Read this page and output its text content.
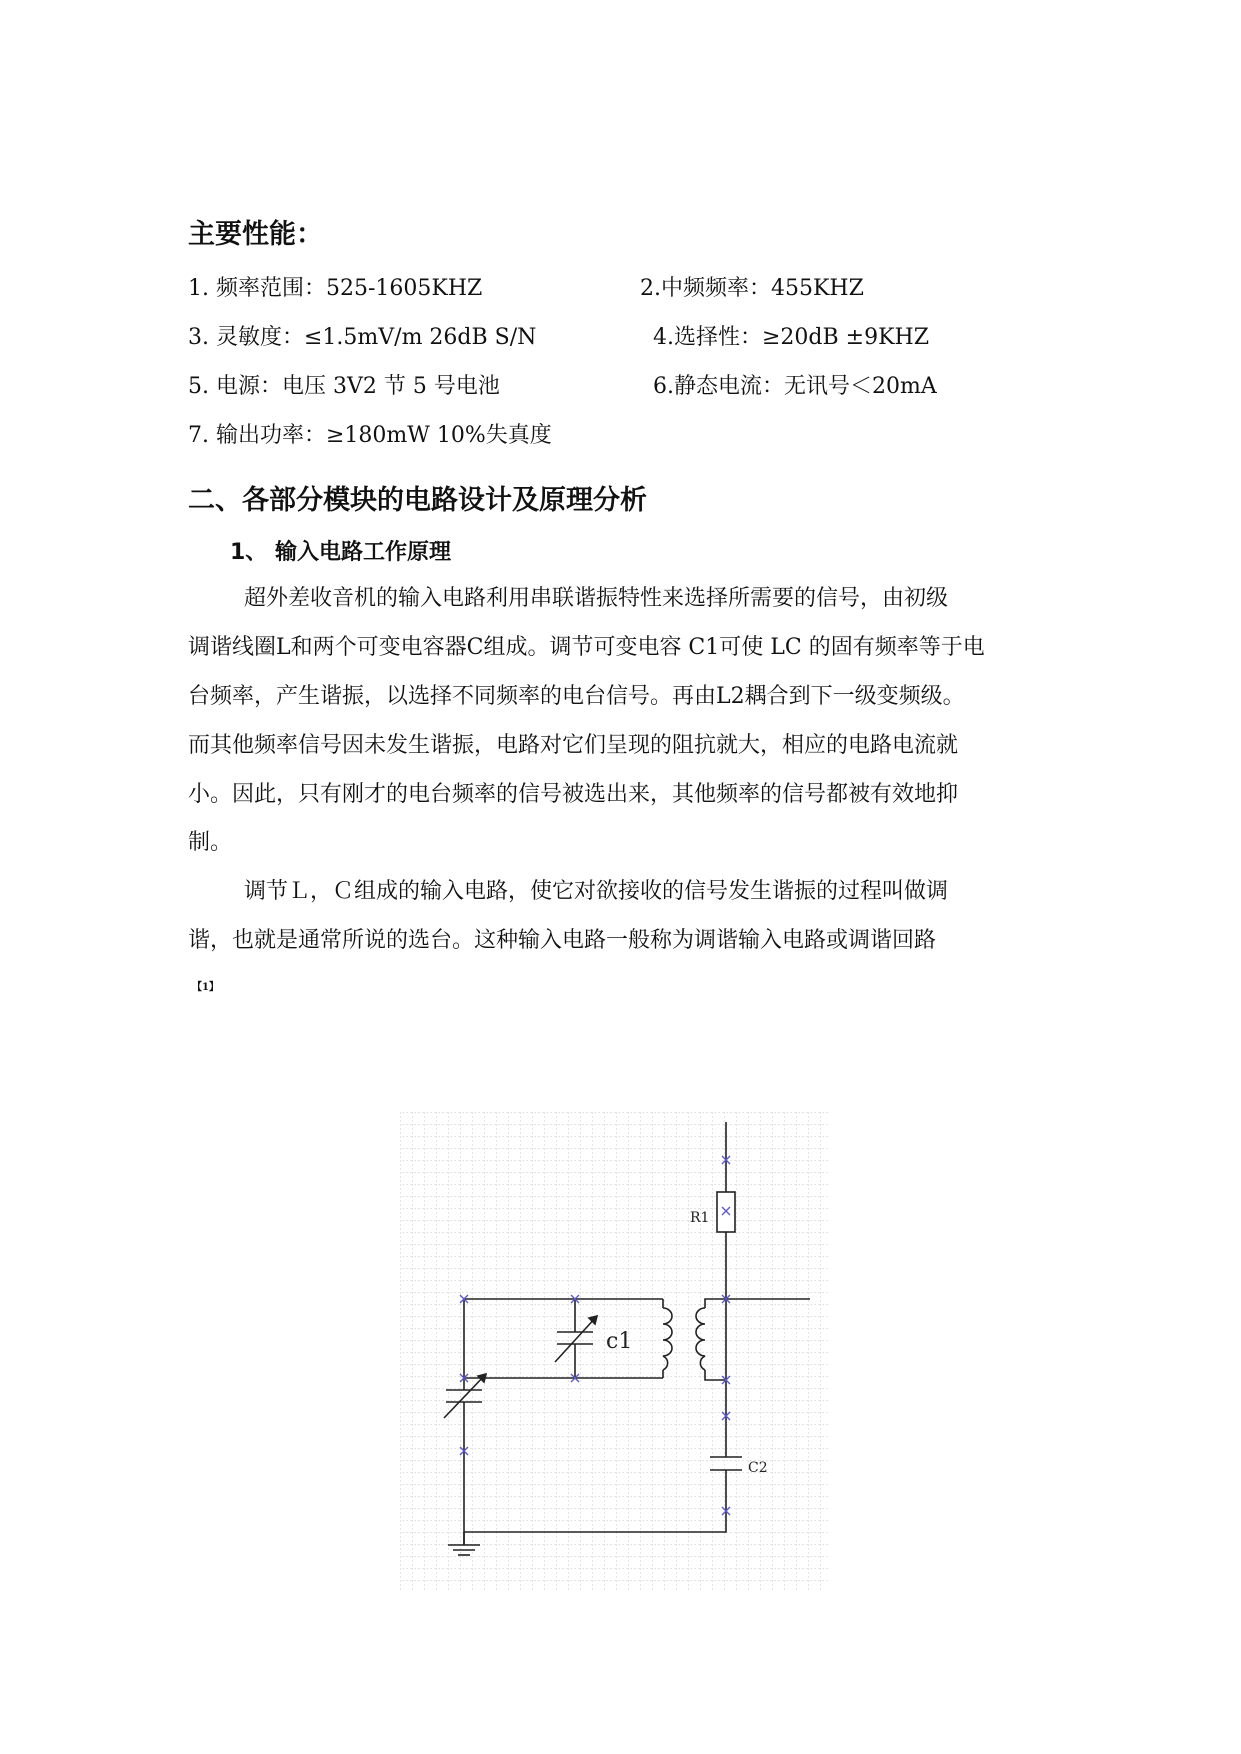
主要性能：
1. 频率范围：525-1605KHZ	2.中频频率：455KHZ
3. 灵敏度：≤1.5mV/m 26dB S/N	4.选择性：≥20dB ±9KHZ
5. 电源：电压 3V2 节 5 号电池	6.静态电流：无讯号＜20mA
7. 输出功率：≥180mW 10%失真度
二、各部分模块的电路设计及原理分析
1、 输入电路工作原理
超外差收音机的输入电路利用串联谐振特性来选择所需要的信号，由初级
调谐线圈L和两个可变电容器C组成。调节可变电容 C1可使 LC 的固有频率等于电
台频率，产生谐振，以选择不同频率的电台信号。再由L2耦合到下一级变频级。
而其他频率信号因未发生谐振，电路对它们呈现的阻抗就大，相应的电路电流就
小。因此，只有刚才的电台频率的信号被选出来，其他频率的信号都被有效地抑
制。
调节Ｌ，Ｃ组成的输入电路，使它对欲接收的信号发生谐振的过程叫做调
谐，也就是通常所说的选台。这种输入电路一般称为调谐输入电路或调谐回路
【1】
R1
c1
C2
